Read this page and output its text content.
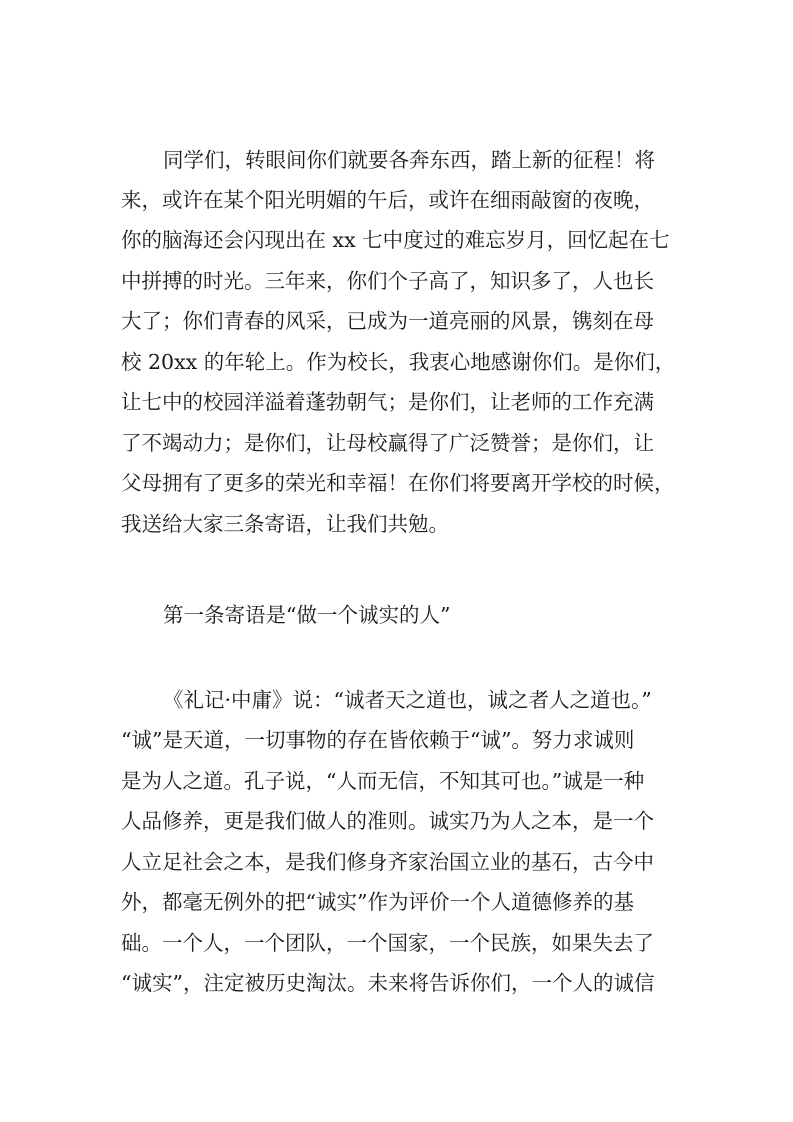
同学们，转眼间你们就要各奔东西，踏上新的征程！将
来，或许在某个阳光明媚的午后，或许在细雨敲窗的夜晚，
你的脑海还会闪现出在 xx 七中度过的难忘岁月，回忆起在七
中拼搏的时光。三年来，你们个子高了，知识多了，人也长
大了；你们青春的风采，已成为一道亮丽的风景，镌刻在母
校 20xx 的年轮上。作为校长，我衷心地感谢你们。是你们，
让七中的校园洋溢着蓬勃朝气；是你们，让老师的工作充满
了不竭动力；是你们，让母校赢得了广泛赞誉；是你们，让
父母拥有了更多的荣光和幸福！在你们将要离开学校的时候，
我送给大家三条寄语，让我们共勉。
第一条寄语是“做一个诚实的人”
《礼记·中庸》说：“诚者天之道也，诚之者人之道也。”
“诚”是天道，一切事物的存在皆依赖于“诚”。努力求诚则
是为人之道。孔子说，“人而无信，不知其可也。”诚是一种
人品修养，更是我们做人的准则。诚实乃为人之本，是一个
人立足社会之本，是我们修身齐家治国立业的基石，古今中
外，都毫无例外的把“诚实”作为评价一个人道德修养的基
础。一个人，一个团队，一个国家，一个民族，如果失去了
“诚实”，注定被历史淘汰。未来将告诉你们，一个人的诚信
